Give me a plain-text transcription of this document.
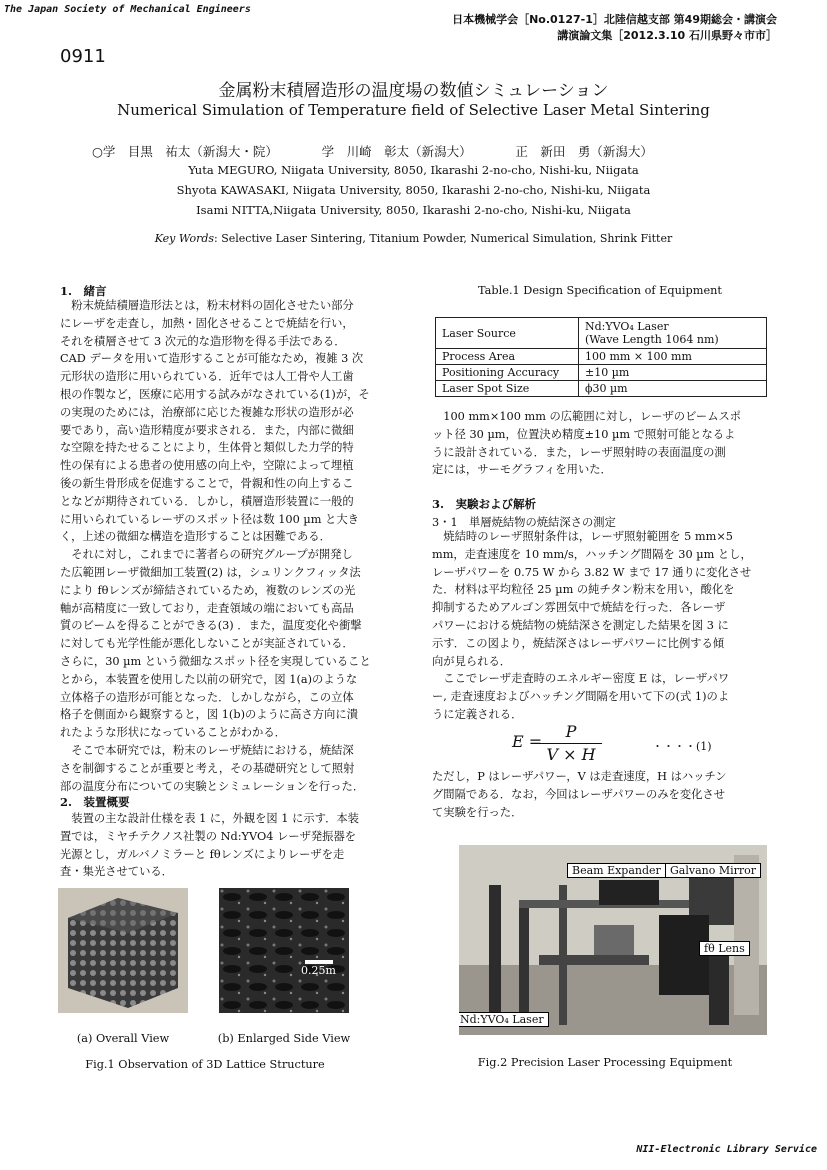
The Japan Society of Mechanical Engineers
日本機械学会［No.0127-1］北陸信越支部 第49期総会・講演会
講演論文集［2012.3.10 石川県野々市市］
0911
金属粉末積層造形の温度場の数値シミュレーション
Numerical Simulation of Temperature field of Selective Laser Metal Sintering
○学　目黒　祐太（新潟大・院）　　　　学　川崎　彰太（新潟大）　　　　正　新田　勇（新潟大）
Yuta MEGURO, Niigata University, 8050, Ikarashi 2-no-cho, Nishi-ku, Niigata
Shyota KAWASAKI, Niigata University, 8050, Ikarashi 2-no-cho, Nishi-ku, Niigata
Isami NITTA,Niigata University, 8050, Ikarashi 2-no-cho, Nishi-ku, Niigata
Key Words: Selective Laser Sintering, Titanium Powder, Numerical Simulation, Shrink Fitter
1.　緒言
　粉末焼結積層造形法とは，粉末材料の固化させたい部分
にレーザを走査し，加熱・固化させることで焼結を行い，
それを積層させて 3 次元的な造形物を得る手法である．
CAD データを用いて造形することが可能なため，複雑 3 次
元形状の造形に用いられている．近年では人工骨や人工歯
根の作製など，医療に応用する試みがなされている(1)が，そ
の実現のためには，治療部に応じた複雑な形状の造形が必
要であり，高い造形精度が要求される．また，内部に微細
な空隙を持たせることにより，生体骨と類似した力学的特
性の保有による患者の使用感の向上や，空隙によって埋植
後の新生骨形成を促進することで，骨親和性の向上するこ
となどが期待されている．しかし，積層造形装置に一般的
に用いられているレーザのスポット径は数 100 µm と大き
く，上述の微細な構造を造形することは困難である．
　それに対し，これまでに著者らの研究グループが開発し
た広範囲レーザ微細加工装置(2) は，シュリンクフィッタ法
により fθレンズが締結されているため，複数のレンズの光
軸が高精度に一致しており，走査領域の端においても高品
質のビームを得ることができる(3) ．また，温度変化や衝撃
に対しても光学性能が悪化しないことが実証されている．
さらに，30 µm という微細なスポット径を実現していること
とから，本装置を使用した以前の研究で，図 1(a)のような
立体格子の造形が可能となった．しかしながら，この立体
格子を側面から観察すると，図 1(b)のように高さ方向に潰
れたような形状になっていることがわかる．
　そこで本研究では，粉末のレーザ焼結における，焼結深
さを制御することが重要と考え，その基礎研究として照射
部の温度分布についての実験とシミュレーションを行った．
2.　装置概要
　装置の主な設計仕様を表 1 に，外観を図 1 に示す．本装
置では，ミヤチテクノス社製の Nd:YVO4 レーザ発振器を
光源とし，ガルバノミラーと fθレンズによりレーザを走
査・集光させている．
0.25m
(a) Overall View	(b) Enlarged Side View
Fig.1 Observation of 3D Lattice Structure
Table.1 Design Specification of Equipment
Laser Source	Nd:YVO₄ Laser
(Wave Length 1064 nm)

Process Area	100 mm × 100 mm
Positioning Accuracy	±10 µm
Laser Spot Size	ϕ30 µm
　100 mm×100 mm の広範囲に対し，レーザのビームスポ
ット径 30 µm，位置決め精度±10 µm で照射可能となるよ
うに設計されている．また，レーザ照射時の表面温度の測
定には，サーモグラフィを用いた．
3.　実験および解析
3・1　単層焼結物の焼結深さの測定
　焼結時のレーザ照射条件は，レーザ照射範囲を 5 mm×5
mm，走査速度を 10 mm/s，ハッチング間隔を 30 µm とし，
レーザパワーを 0.75 W から 3.82 W まで 17 通りに変化させ
た．材料は平均粒径 25 µm の純チタン粉末を用い，酸化を
抑制するためアルゴン雰囲気中で焼結を行った．各レーザ
パワーにおける焼結物の焼結深さを測定した結果を図 3 に
示す．この図より，焼結深さはレーザパワーに比例する傾
向が見られる．
　ここでレーザ走査時のエネルギー密度 E は，レーザパワ
ー, 走査速度およびハッチング間隔を用いて下の(式 1)のよ
うに定義される．
E =
$\frac{P}{V \times H}$	・・・・(1)
ただし，P はレーザパワー，V は走査速度，H はハッチン
グ間隔である．なお，今回はレーザパワーのみを変化させ
て実験を行った．
Beam Expander Galvano Mirror
fθ Lens
Nd:YVO₄ Laser
Fig.2 Precision Laser Processing Equipment
NII-Electronic Library Service
